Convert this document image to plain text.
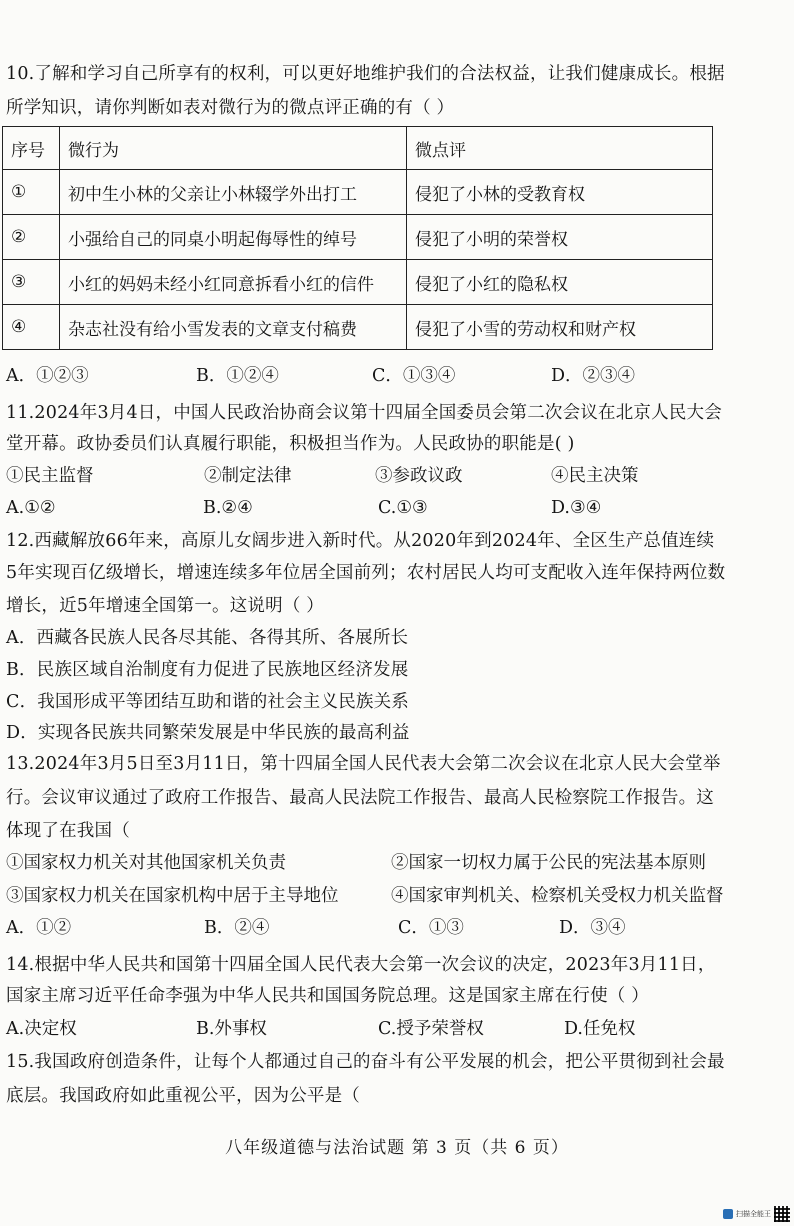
10.了解和学习自己所享有的权利，可以更好地维护我们的合法权益，让我们健康成长。根据
所学知识，请你判断如表对微行为的微点评正确的有（ ）
序号	微行为	微点评
①	初中生小林的父亲让小林辍学外出打工	侵犯了小林的受教育权
②	小强给自己的同桌小明起侮辱性的绰号	侵犯了小明的荣誉权
③	小红的妈妈未经小红同意拆看小红的信件	侵犯了小红的隐私权
④	杂志社没有给小雪发表的文章支付稿费	侵犯了小雪的劳动权和财产权
A．①②③	B．①②④	C．①③④	D．②③④
11.2024年3月4日，中国人民政治协商会议第十四届全国委员会第二次会议在北京人民大会
堂开幕。政协委员们认真履行职能，积极担当作为。人民政协的职能是( )
①民主监督	②制定法律	③参政议政	④民主决策
A.①②	B.②④	C.①③	D.③④
12.西藏解放66年来，高原儿女阔步进入新时代。从2020年到2024年、全区生产总值连续
5年实现百亿级增长，增速连续多年位居全国前列；农村居民人均可支配收入连年保持两位数
增长，近5年增速全国第一。这说明（ ）
A．西藏各民族人民各尽其能、各得其所、各展所长
B．民族区域自治制度有力促进了民族地区经济发展
C．我国形成平等团结互助和谐的社会主义民族关系
D．实现各民族共同繁荣发展是中华民族的最高利益
13.2024年3月5日至3月11日，第十四届全国人民代表大会第二次会议在北京人民大会堂举
行。会议审议通过了政府工作报告、最高人民法院工作报告、最高人民检察院工作报告。这
体现了在我国（
①国家权力机关对其他国家机关负责	②国家一切权力属于公民的宪法基本原则
③国家权力机关在国家机构中居于主导地位	④国家审判机关、检察机关受权力机关监督
A．①②	B．②④	C．①③	D．③④
14.根据中华人民共和国第十四届全国人民代表大会第一次会议的决定，2023年3月11日，
国家主席习近平任命李强为中华人民共和国国务院总理。这是国家主席在行使（ ）
A.决定权	B.外事权	C.授予荣誉权	D.任免权
15.我国政府创造条件，让每个人都通过自己的奋斗有公平发展的机会，把公平贯彻到社会最
底层。我国政府如此重视公平，因为公平是（
八年级道德与法治试题 第 3 页（共 6 页）
扫描全能王
